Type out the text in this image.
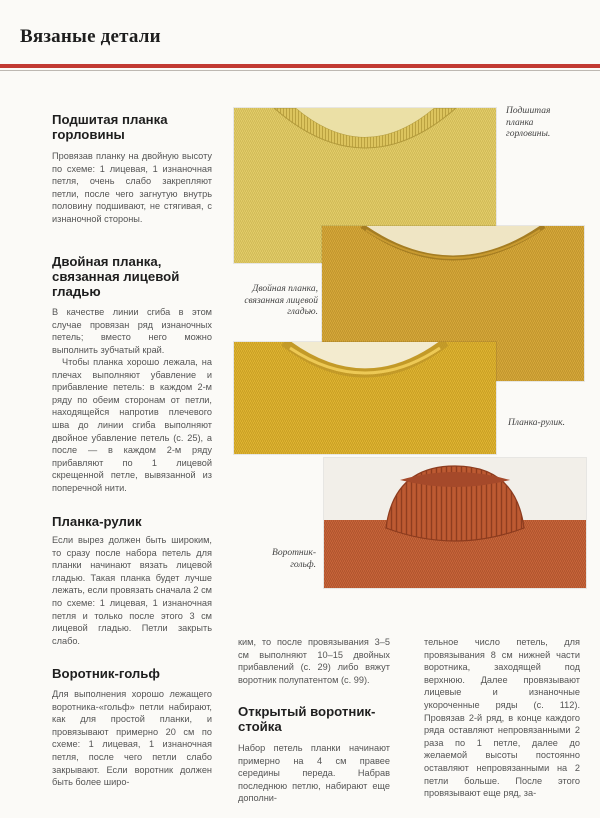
Вязаные детали
Подшитая планка горловины
Провязав планку на двойную высоту по схеме: 1 лицевая, 1 изнаночная петля, очень слабо закрепляют петли, после чего загнутую внутрь половину подшивают, не стягивая, с изнаночной стороны.
Двойная планка, связанная лицевой гладью
В качестве линии сгиба в этом случае провязан ряд изнаночных петель; вместо него можно выполнить зубчатый край.
Чтобы планка хорошо лежала, на плечах выполняют убавление и прибавление петель: в каждом 2-м ряду по обеим сторонам от петли, находящейся напротив плечевого шва до линии сгиба выполняют двойное убавление петель (с. 25), а после — в каждом 2-м ряду прибавляют по 1 лицевой скрещенной петле, вывязанной из поперечной нити.
Планка-рулик
Если вырез должен быть широким, то сразу после набора петель для планки начинают вязать лицевой гладью. Такая планка будет лучше лежать, если провязать сначала 2 см по схеме: 1 лицевая, 1 изнаночная петля и только после этого 3 см лицевой гладью. Петли закрыть слабо.
Воротник-гольф
Для выполнения хорошо лежащего воротника-«гольф» петли набирают, как для простой планки, и провязывают примерно 20 см по схеме: 1 лицевая, 1 изнаночная петля, после чего петли слабо закрывают. Если воротник должен быть более широ-
ким, то после провязывания 3–5 см выполняют 10–15 двойных прибавлений (с. 29) либо вяжут воротник полупатентом (с. 99).
Открытый воротник-стойка
Набор петель планки начинают примерно на 4 см правее середины переда. Набрав последнюю петлю, набирают еще дополни-
тельное число петель, для провязывания 8 см нижней части воротника, заходящей под верхнюю. Далее провязывают лицевые и изнаночные укороченные ряды (с. 112). Провязав 2-й ряд, в конце каждого ряда оставляют непровязанными 2 раза по 1 петле, далее до желаемой высоты постоянно оставляют непровязанными на 2 петли больше. После этого провязывают еще ряд, за-
Подшитая планка горловины.
Двойная планка, связанная лицевой гладью.
Планка-рулик.
Воротник-гольф.
